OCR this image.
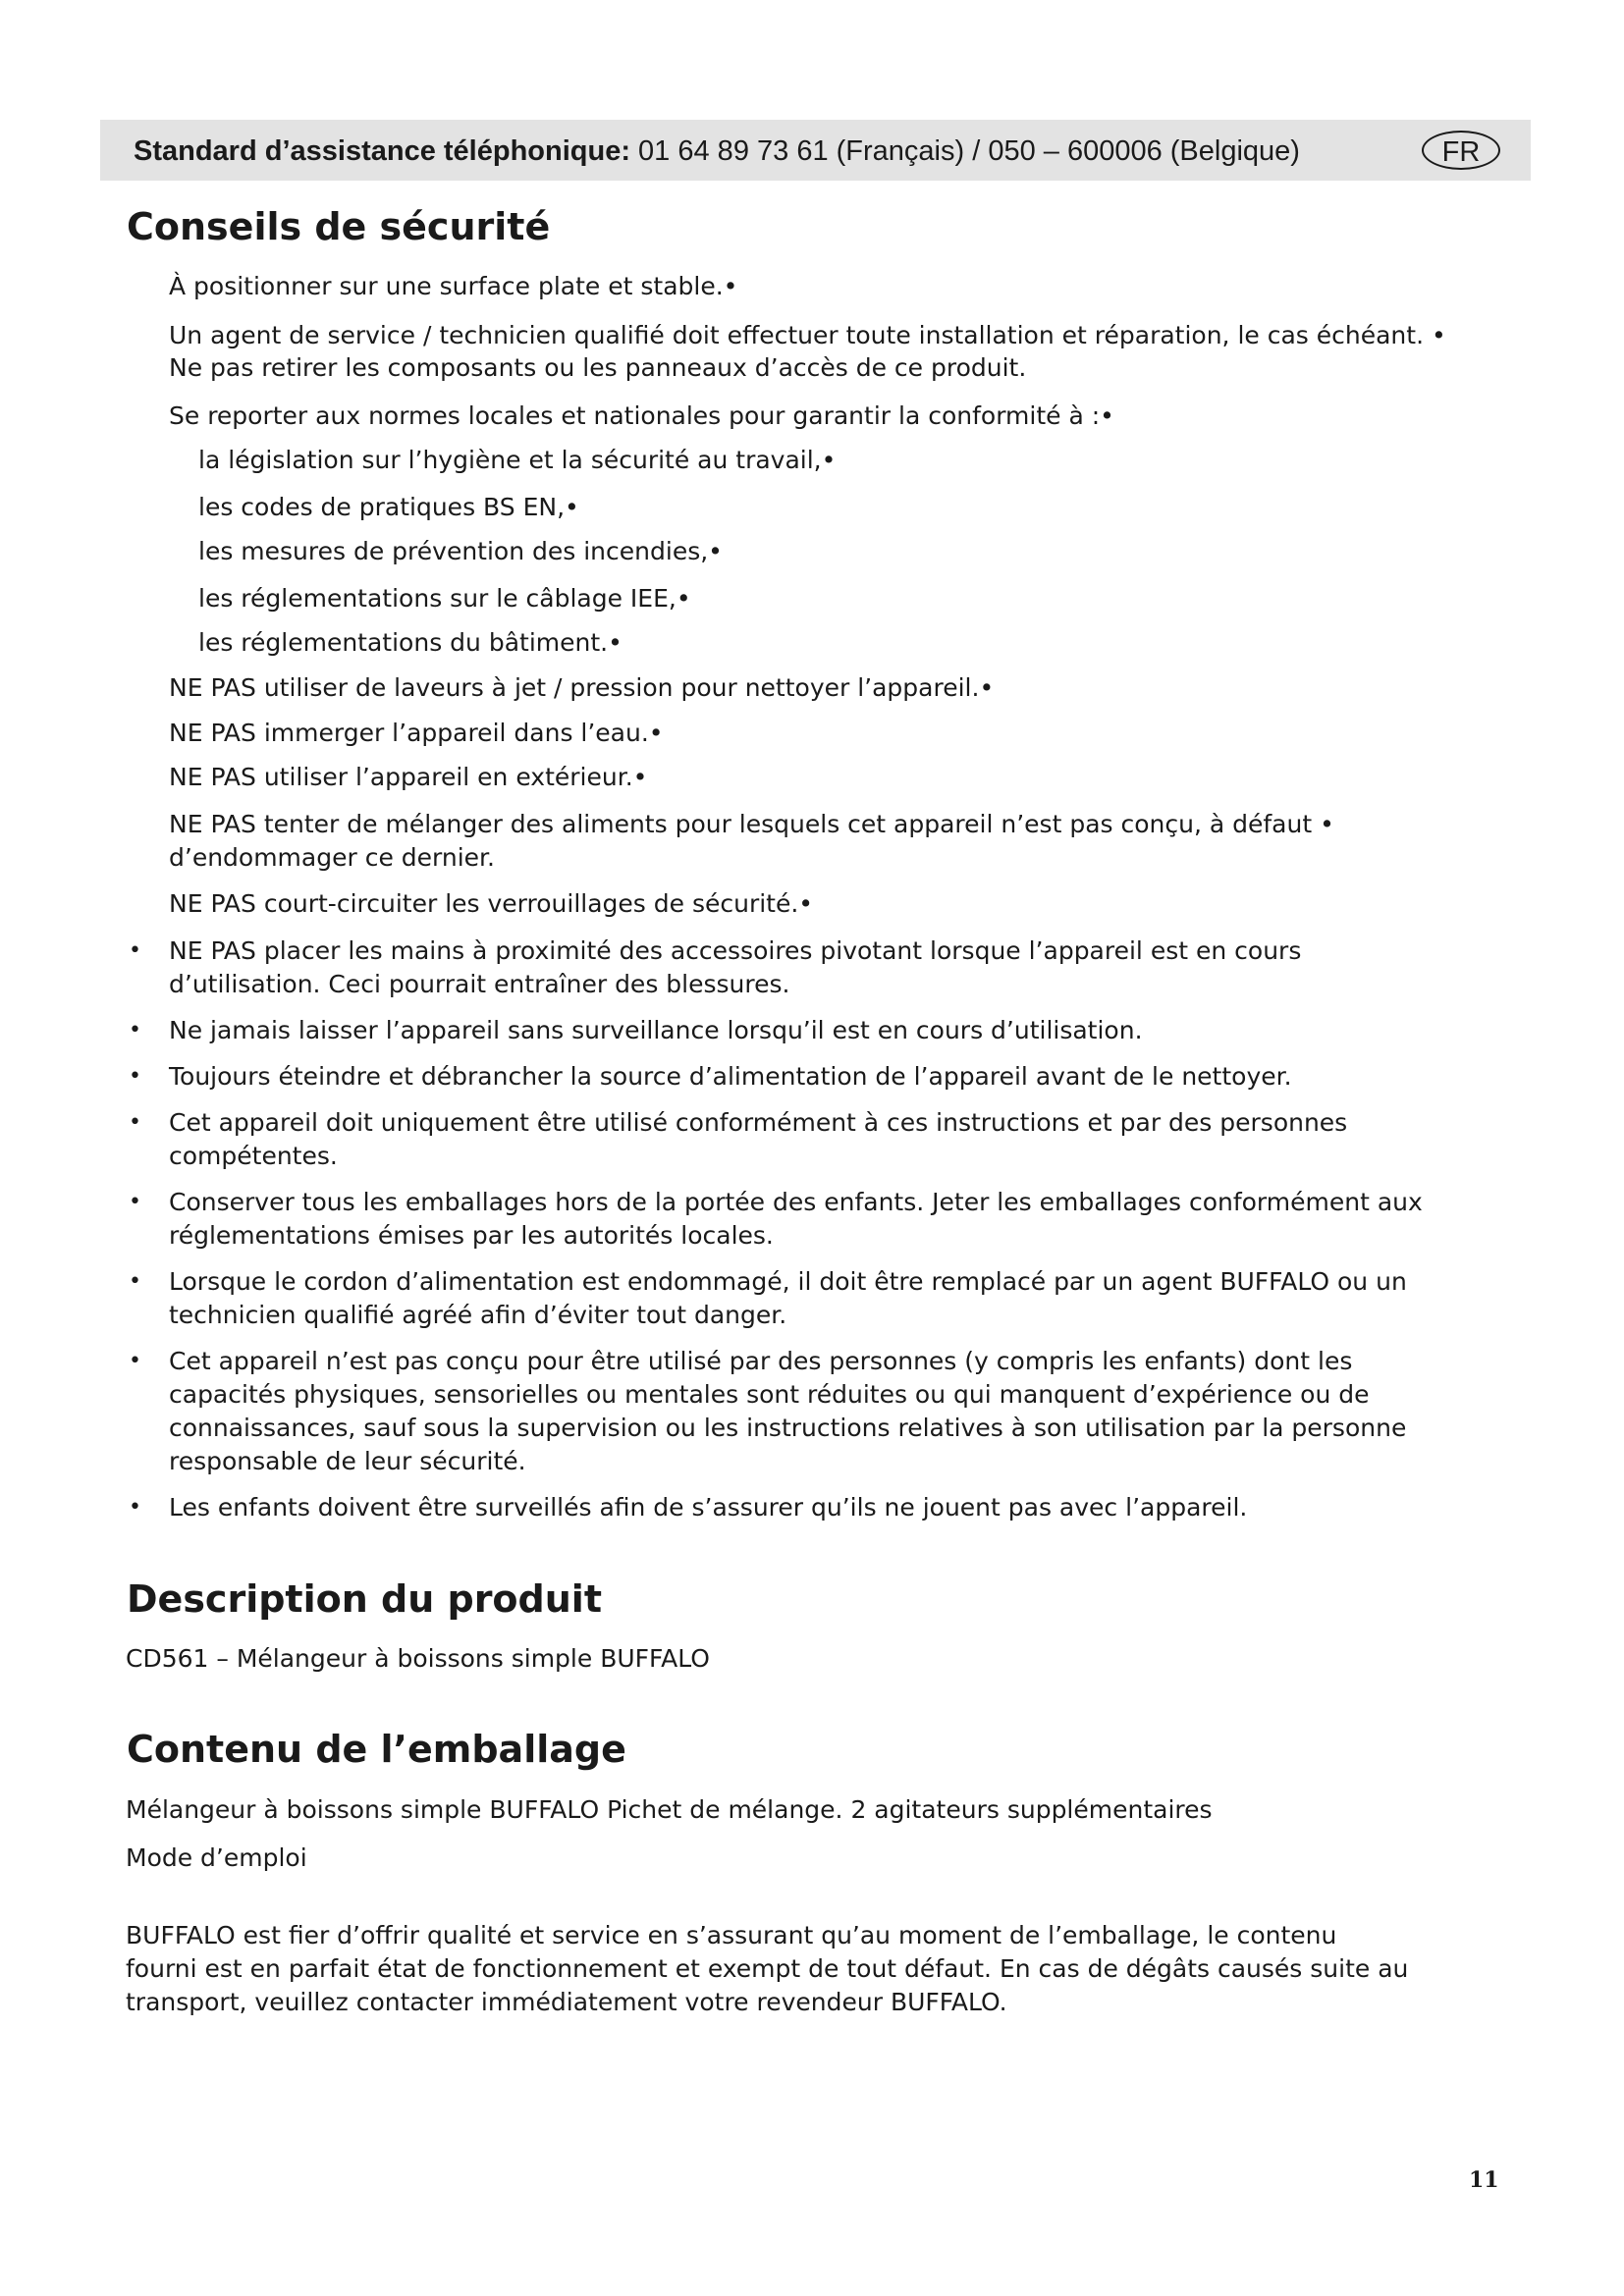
Standard d’assistance téléphonique: 01 64 89 73 61 (Français) / 050 – 600006 (Belgique)	FR
Conseils de sécurité
À positionner sur une surface plate et stable.•
Un agent de service / technicien qualifié doit effectuer toute installation et réparation, le cas échéant. •
Ne pas retirer les composants ou les panneaux d’accès de ce produit.
Se reporter aux normes locales et nationales pour garantir la conformité à :•
la législation sur l’hygiène et la sécurité au travail,•
les codes de pratiques BS EN,•
les mesures de prévention des incendies,•
les réglementations sur le câblage IEE,•
les réglementations du bâtiment.•
NE PAS utiliser de laveurs à jet / pression pour nettoyer l’appareil.•
NE PAS immerger l’appareil dans l’eau.•
NE PAS utiliser l’appareil en extérieur.•
NE PAS tenter de mélanger des aliments pour lesquels cet appareil n’est pas conçu, à défaut •
d’endommager ce dernier.
NE PAS court-circuiter les verrouillages de sécurité.•
• NE PAS placer les mains à proximité des accessoires pivotant lorsque l’appareil est en cours
d’utilisation. Ceci pourrait entraîner des blessures.
• Ne jamais laisser l’appareil sans surveillance lorsqu’il est en cours d’utilisation.
• Toujours éteindre et débrancher la source d’alimentation de l’appareil avant de le nettoyer.
• Cet appareil doit uniquement être utilisé conformément à ces instructions et par des personnes
compétentes.
• Conserver tous les emballages hors de la portée des enfants. Jeter les emballages conformément aux
réglementations émises par les autorités locales.
• Lorsque le cordon d’alimentation est endommagé, il doit être remplacé par un agent BUFFALO ou un
technicien qualifié agréé afin d’éviter tout danger.
• Cet appareil n’est pas conçu pour être utilisé par des personnes (y compris les enfants) dont les
capacités physiques, sensorielles ou mentales sont réduites ou qui manquent d’expérience ou de
connaissances, sauf sous la supervision ou les instructions relatives à son utilisation par la personne
responsable de leur sécurité.
• Les enfants doivent être surveillés afin de s’assurer qu’ils ne jouent pas avec l’appareil.
Description du produit
CD561 – Mélangeur à boissons simple BUFFALO
Contenu de l’emballage
Mélangeur à boissons simple BUFFALO Pichet de mélange. 2 agitateurs supplémentaires
Mode d’emploi
BUFFALO est fier d’offrir qualité et service en s’assurant qu’au moment de l’emballage, le contenu
fourni est en parfait état de fonctionnement et exempt de tout défaut. En cas de dégâts causés suite au
transport, veuillez contacter immédiatement votre revendeur BUFFALO.
11
